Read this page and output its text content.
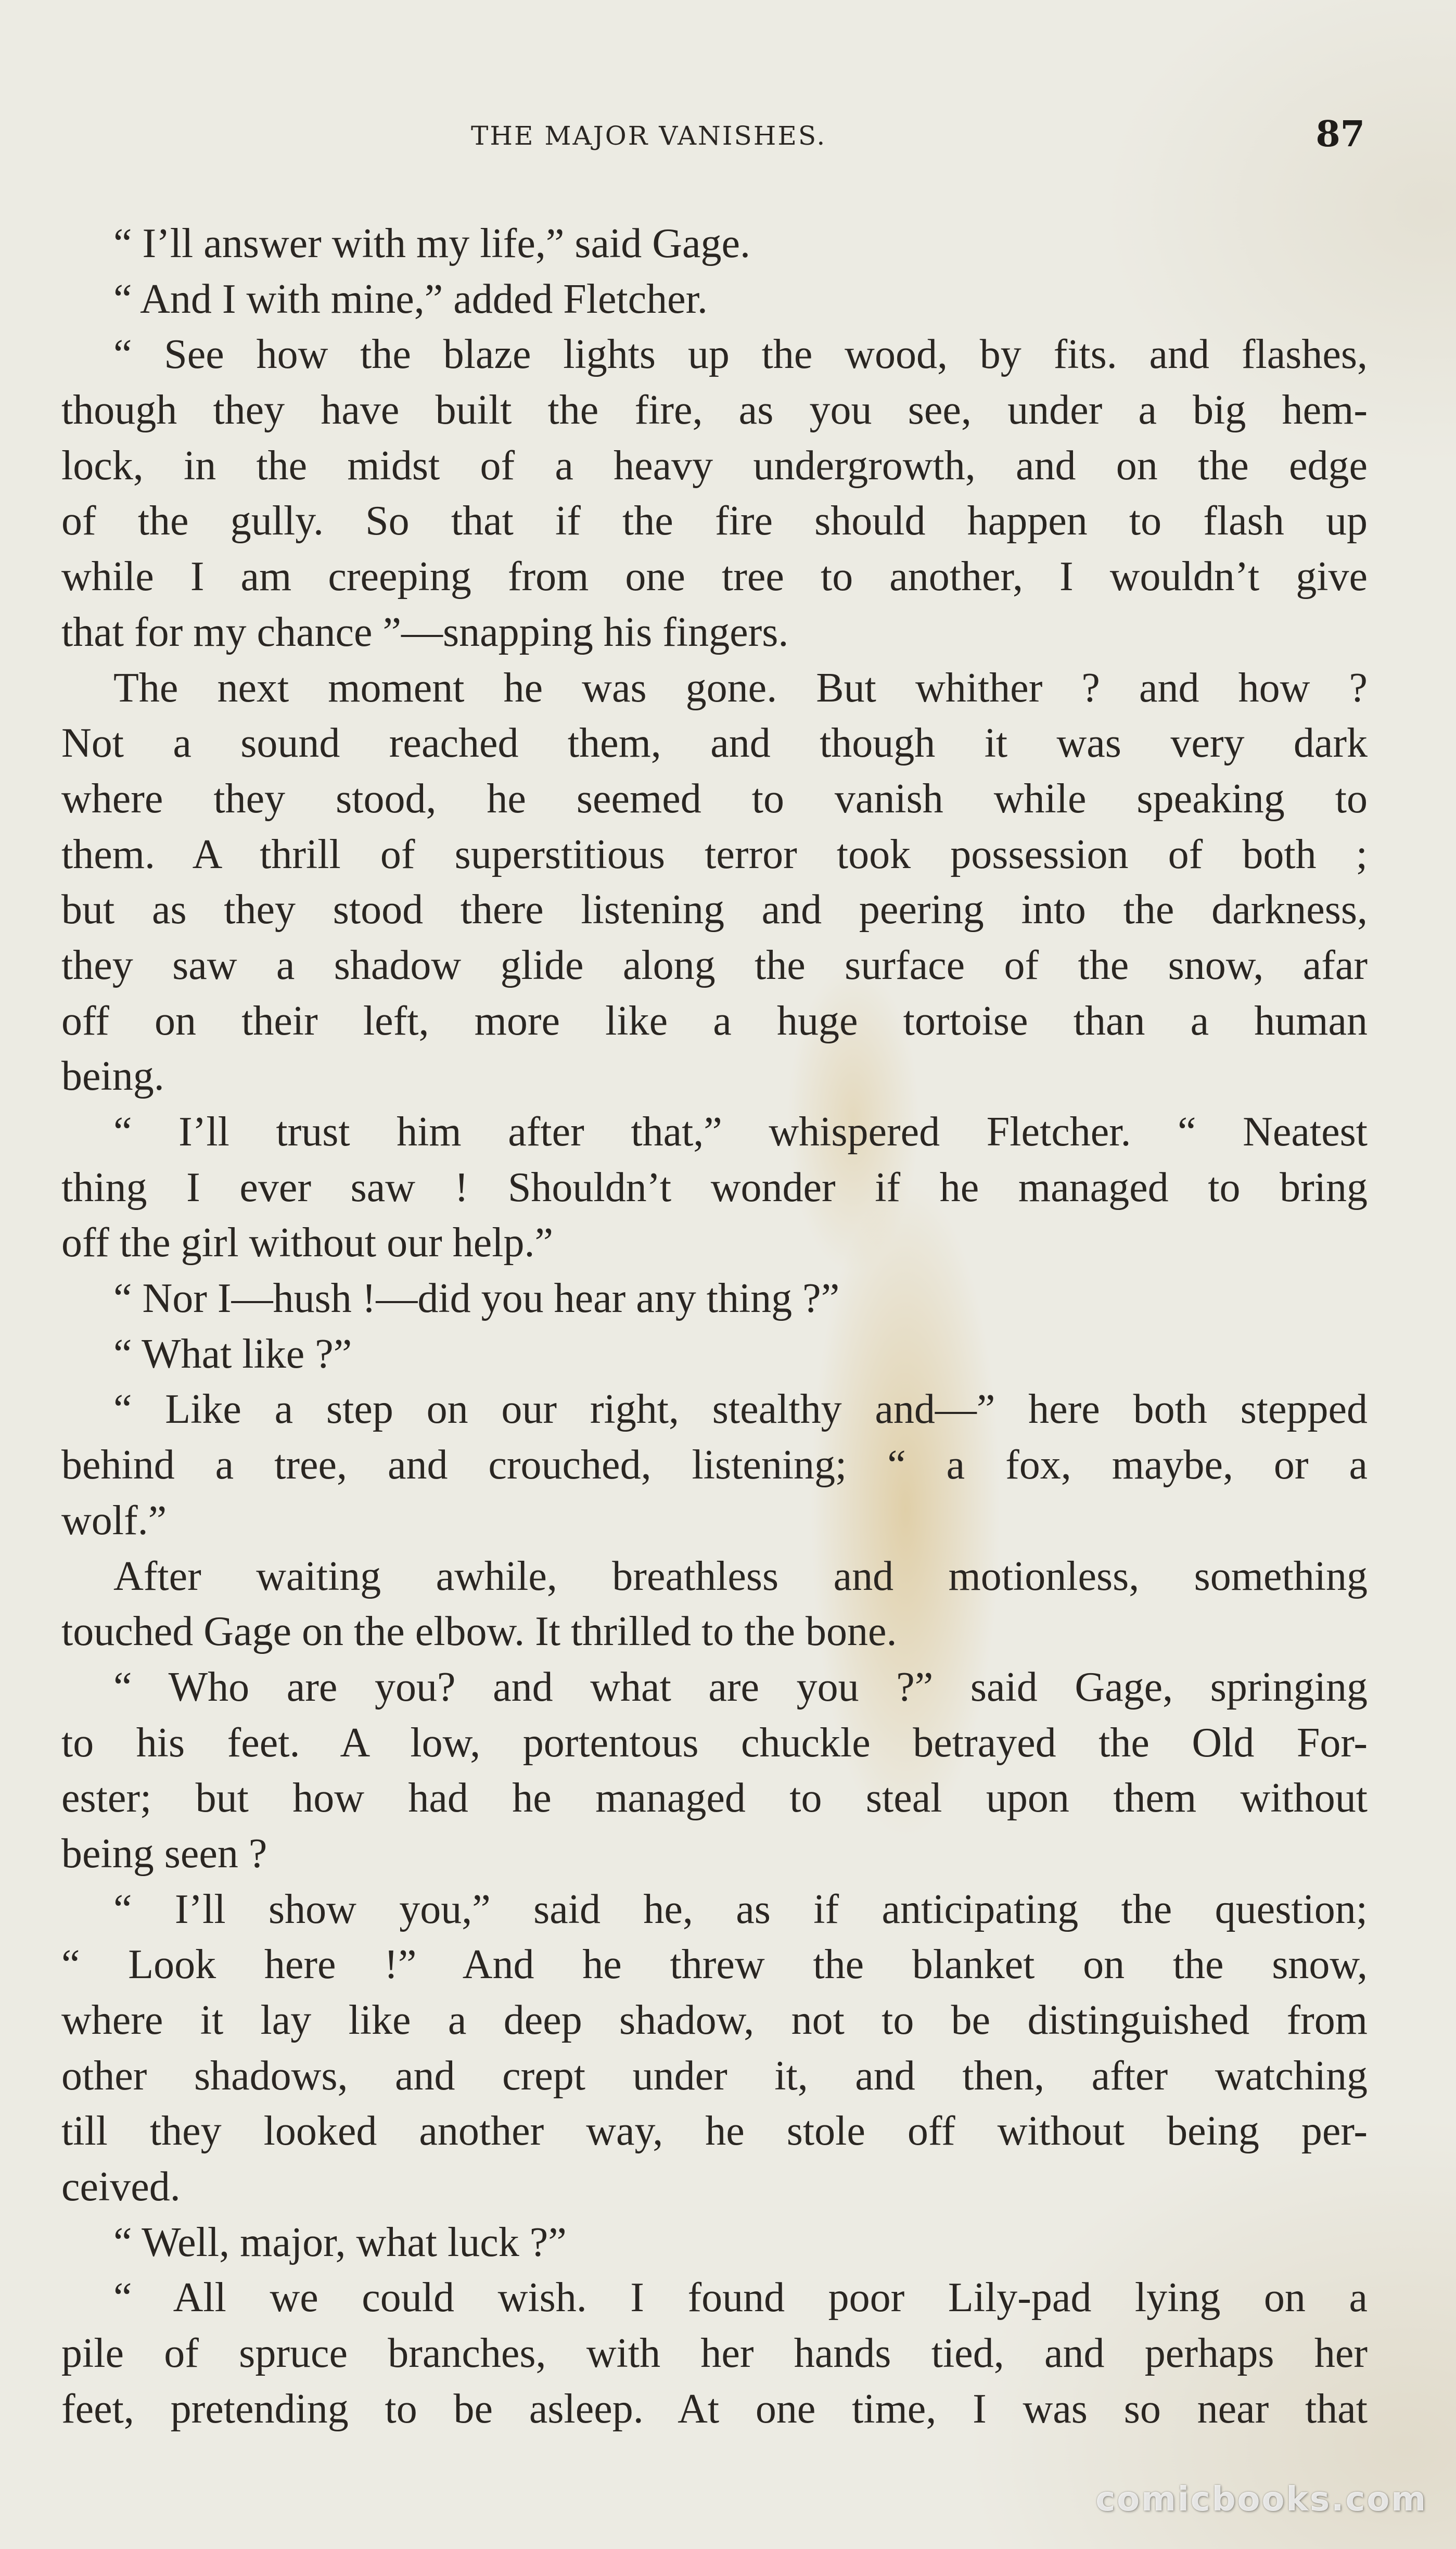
THE MAJOR VANISHES.	87
“ I’ll answer with my life,” said Gage.
“ And I with mine,” added Fletcher.
“ See how the blaze lights up the wood, by fits. and flashes,
though they have built the fire, as you see, under a big hem-
lock, in the midst of a heavy undergrowth, and on the edge
of the gully. So that if the fire should happen to flash up
while I am creeping from one tree to another, I wouldn’t give
that for my chance ”—snapping his fingers.
The next moment he was gone. But whither ? and how ?
Not a sound reached them, and though it was very dark
where they stood, he seemed to vanish while speaking to
them. A thrill of superstitious terror took possession of both ;
but as they stood there listening and peering into the darkness,
they saw a shadow glide along the surface of the snow, afar
off on their left, more like a huge tortoise than a human
being.
“ I’ll trust him after that,” whispered Fletcher. “ Neatest
thing I ever saw ! Shouldn’t wonder if he managed to bring
off the girl without our help.”
“ Nor I—hush !—did you hear any thing ?”
“ What like ?”
“ Like a step on our right, stealthy and—” here both stepped
behind a tree, and crouched, listening; “ a fox, maybe, or a
wolf.”
After waiting awhile, breathless and motionless, something
touched Gage on the elbow. It thrilled to the bone.
“ Who are you? and what are you ?” said Gage, springing
to his feet. A low, portentous chuckle betrayed the Old For-
ester; but how had he managed to steal upon them without
being seen ?
“ I’ll show you,” said he, as if anticipating the question;
“ Look here !” And he threw the blanket on the snow,
where it lay like a deep shadow, not to be distinguished from
other shadows, and crept under it, and then, after watching
till they looked another way, he stole off without being per-
ceived.
“ Well, major, what luck ?”
“ All we could wish. I found poor Lily-pad lying on a
pile of spruce branches, with her hands tied, and perhaps her
feet, pretending to be asleep. At one time, I was so near that
comicbooks.com
